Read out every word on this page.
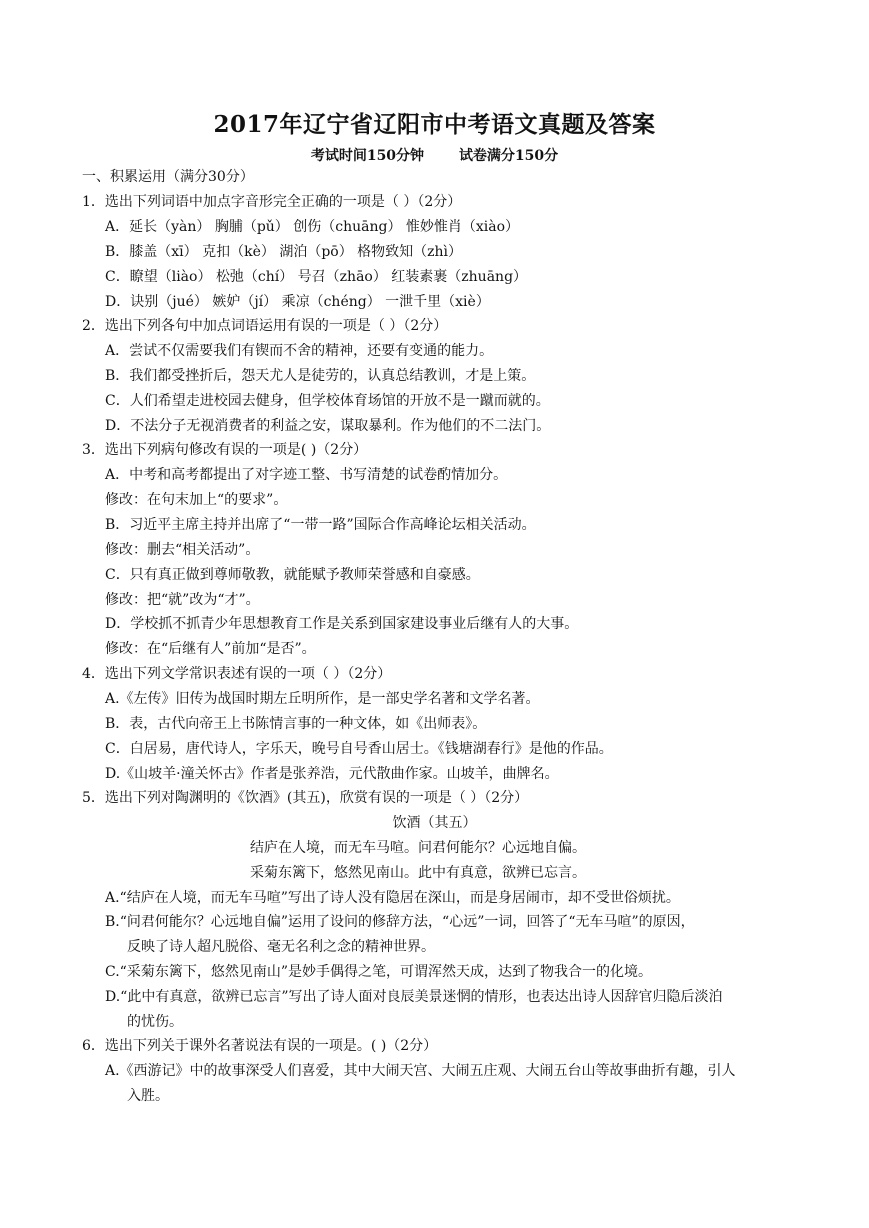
2017年辽宁省辽阳市中考语文真题及答案
考试时间150分钟 试卷满分150分
一、积累运用（满分30分）
1．选出下列词语中加点字音形完全正确的一项是（ ）（2分）
A．延长（yàn） 胸脯（pǔ） 创伤（chuāng） 惟妙惟肖（xiào）
B．膝盖（xī） 克扣（kè） 湖泊（pō） 格物致知（zhì）
C．瞭望（liào） 松弛（chí） 号召（zhāo） 红装素裹（zhuāng）
D．诀别（jué） 嫉妒（jí） 乘凉（chéng） 一泄千里（xiè）
2．选出下列各句中加点词语运用有误的一项是（ ）（2分）
A．尝试不仅需要我们有锲而不舍的精神，还要有变通的能力。
B．我们都受挫折后，怨天尤人是徒劳的，认真总结教训，才是上策。
C．人们希望走进校园去健身，但学校体育场馆的开放不是一蹴而就的。
D．不法分子无视消费者的利益之安，谋取暴利。作为他们的不二法门。
3．选出下列病句修改有误的一项是( )（2分）
A．中考和高考都提出了对字迹工整、书写清楚的试卷酌情加分。
修改：在句末加上“的要求”。
B．习近平主席主持并出席了“一带一路”国际合作高峰论坛相关活动。
修改：删去“相关活动”。
C．只有真正做到尊师敬教，就能赋予教师荣誉感和自豪感。
修改：把“就”改为“才”。
D．学校抓不抓青少年思想教育工作是关系到国家建设事业后继有人的大事。
修改：在“后继有人”前加“是否”。
4．选出下列文学常识表述有误的一项（ ）（2分）
A.《左传》旧传为战国时期左丘明所作，是一部史学名著和文学名著。
B．表，古代向帝王上书陈情言事的一种文体，如《出师表》。
C．白居易，唐代诗人，字乐天，晚号自号香山居士。《钱塘湖春行》是他的作品。
D.《山坡羊·潼关怀古》作者是张养浩，元代散曲作家。山坡羊，曲牌名。
5．选出下列对陶渊明的《饮酒》(其五)，欣赏有误的一项是（ ）（2分）
饮酒（其五）
结庐在人境，而无车马喧。问君何能尔？心远地自偏。
采菊东篱下，悠然见南山。此中有真意，欲辨已忘言。
A.“结庐在人境，而无车马喧”写出了诗人没有隐居在深山，而是身居闹市，却不受世俗烦扰。
B.“问君何能尔？心远地自偏”运用了设问的修辞方法，“心远”一词，回答了“无车马喧”的原因，
反映了诗人超凡脱俗、毫无名利之念的精神世界。
C.“采菊东篱下，悠然见南山”是妙手偶得之笔，可谓浑然天成，达到了物我合一的化境。
D.“此中有真意，欲辨已忘言”写出了诗人面对良辰美景迷惘的情形，也表达出诗人因辞官归隐后淡泊
的忧伤。
6．选出下列关于课外名著说法有误的一项是。( )（2分）
A.《西游记》中的故事深受人们喜爱，其中大闹天宫、大闹五庄观、大闹五台山等故事曲折有趣，引人
入胜。
